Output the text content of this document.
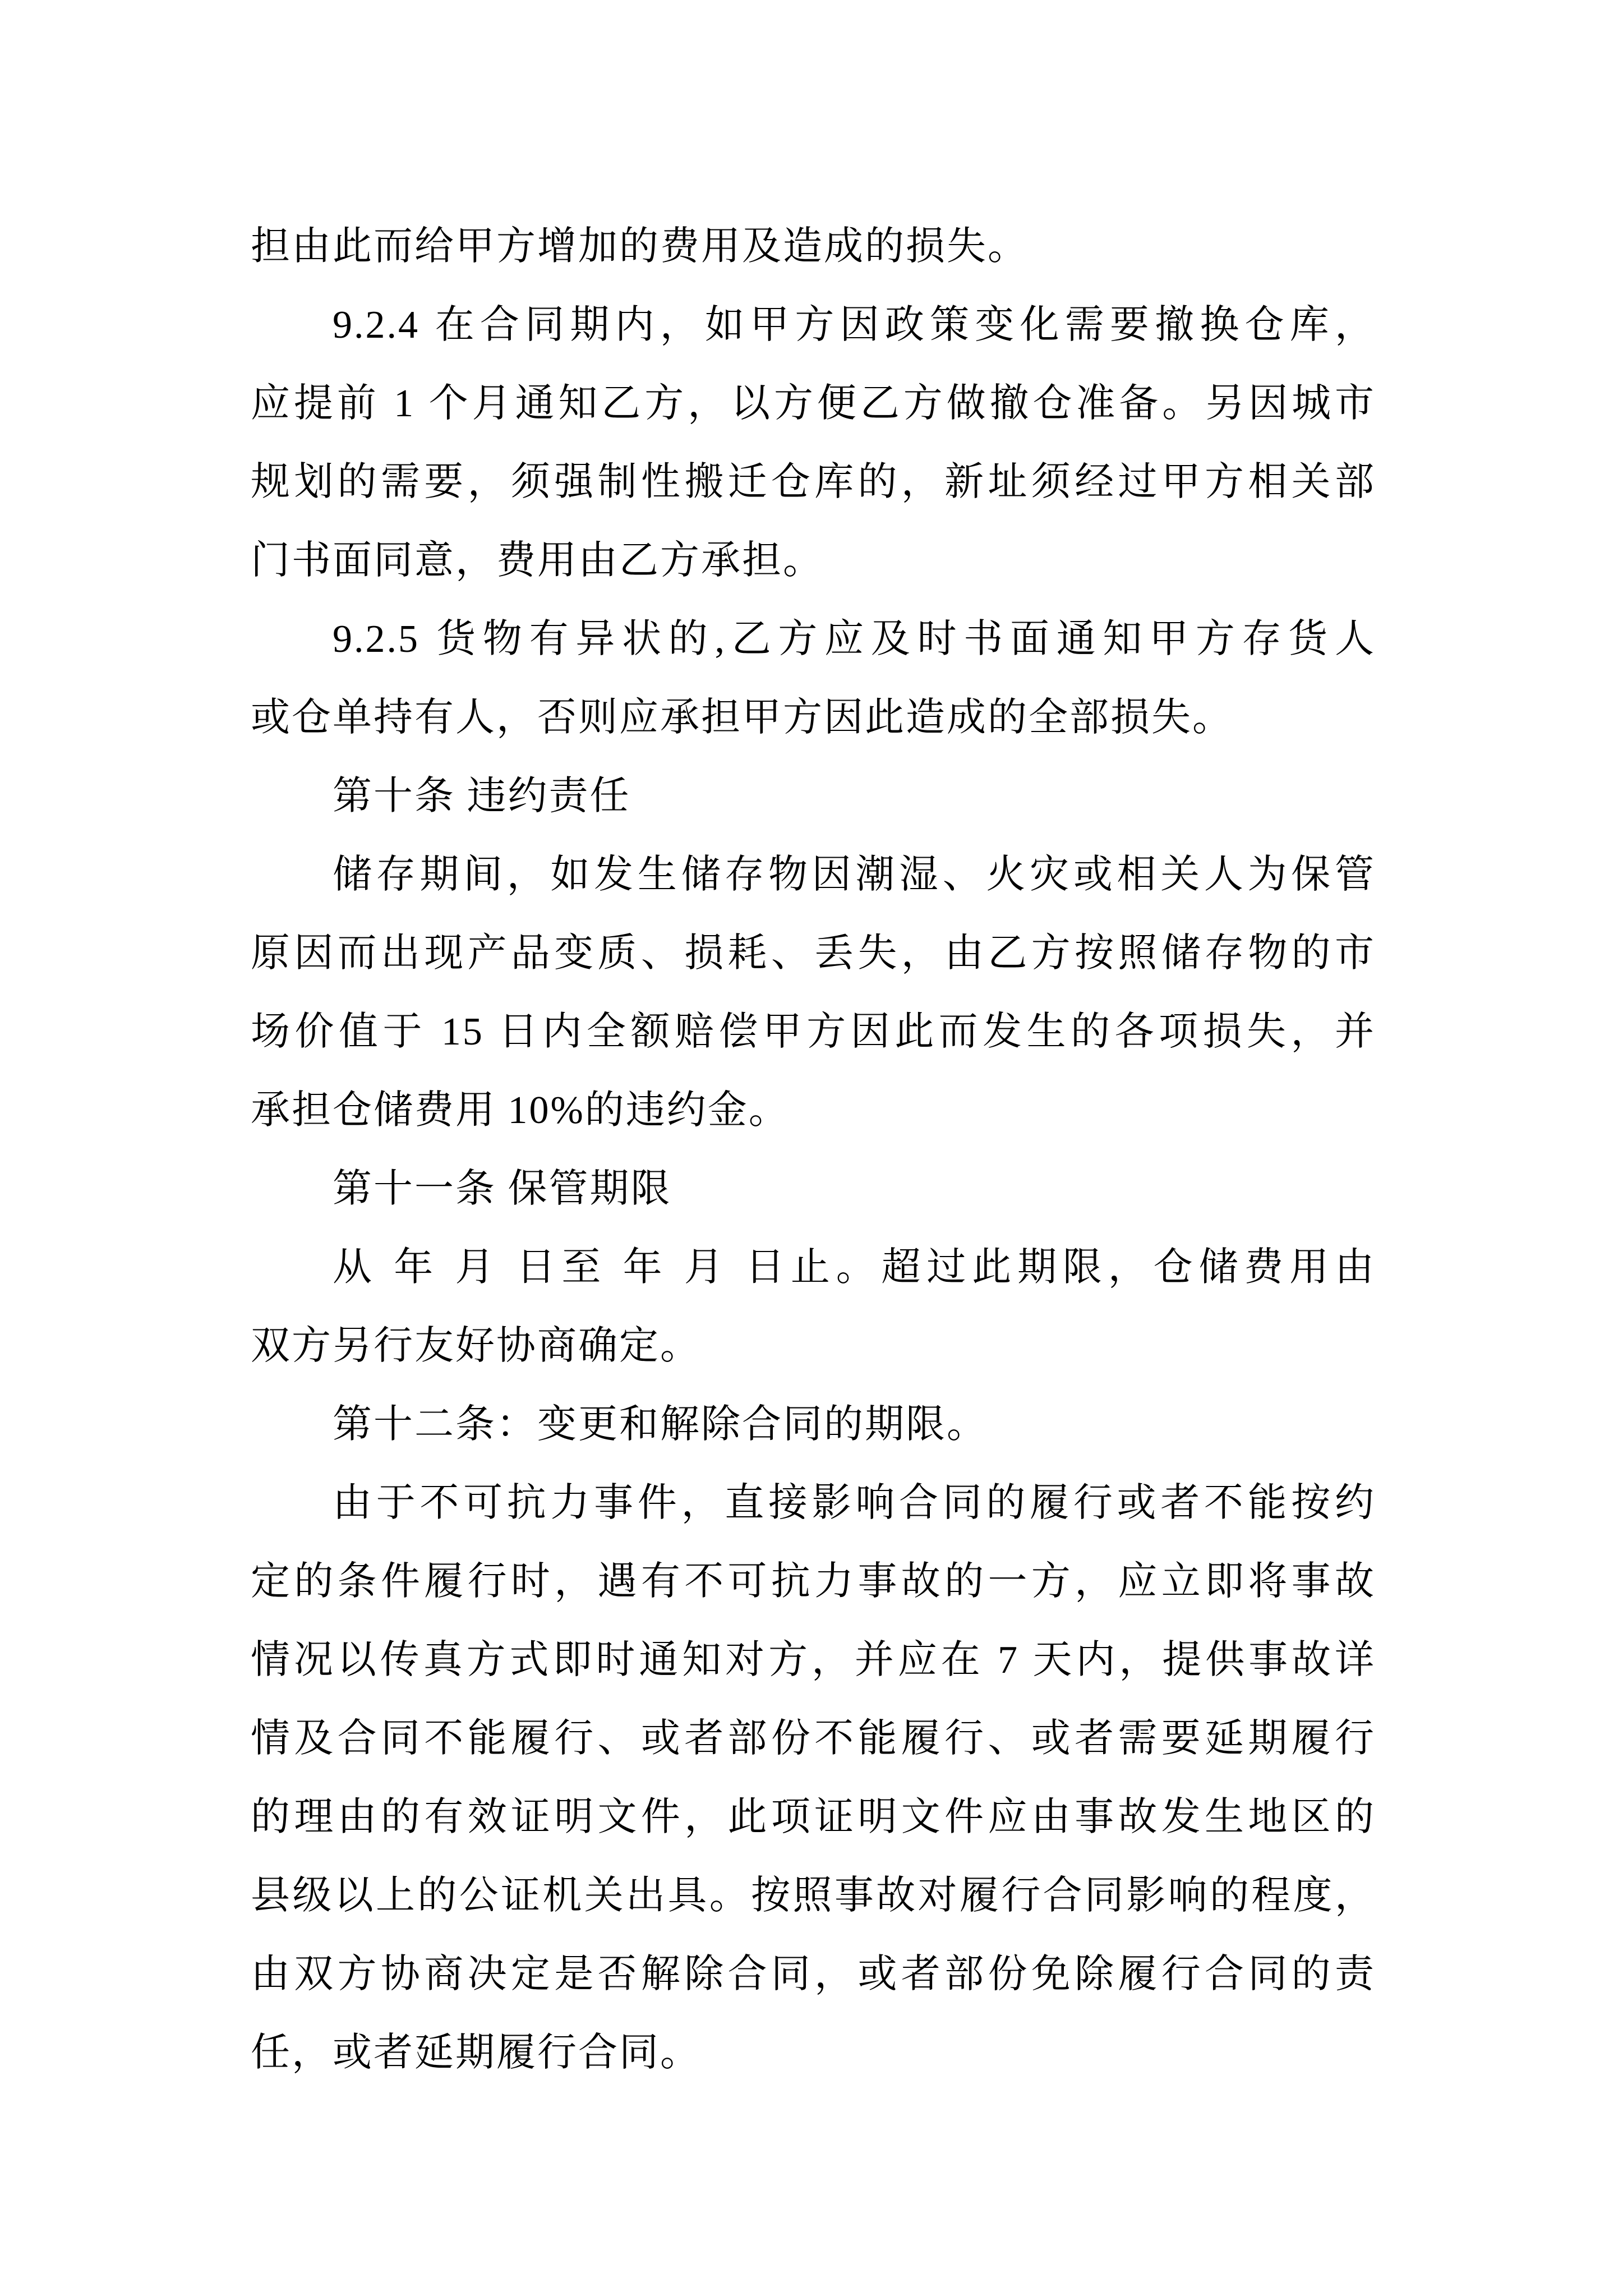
担由此而给甲方增加的费用及造成的损失。
9.2.4 在合同期内，如甲方因政策变化需要撤换仓库，
应提前 1 个月通知乙方，以方便乙方做撤仓准备。另因城市
规划的需要，须强制性搬迁仓库的，新址须经过甲方相关部
门书面同意，费用由乙方承担。
9.2.5 货物有异状的,乙方应及时书面通知甲方存货人
或仓单持有人，否则应承担甲方因此造成的全部损失。
第十条 违约责任
储存期间，如发生储存物因潮湿、火灾或相关人为保管
原因而出现产品变质、损耗、丢失，由乙方按照储存物的市
场价值于 15 日内全额赔偿甲方因此而发生的各项损失，并
承担仓储费用 10%的违约金。
第十一条 保管期限
从 年 月 日至 年 月 日止。超过此期限，仓储费用由
双方另行友好协商确定。
第十二条：变更和解除合同的期限。
由于不可抗力事件，直接影响合同的履行或者不能按约
定的条件履行时，遇有不可抗力事故的一方，应立即将事故
情况以传真方式即时通知对方，并应在 7 天内，提供事故详
情及合同不能履行、或者部份不能履行、或者需要延期履行
的理由的有效证明文件，此项证明文件应由事故发生地区的
县级以上的公证机关出具。按照事故对履行合同影响的程度，
由双方协商决定是否解除合同，或者部份免除履行合同的责
任，或者延期履行合同。
